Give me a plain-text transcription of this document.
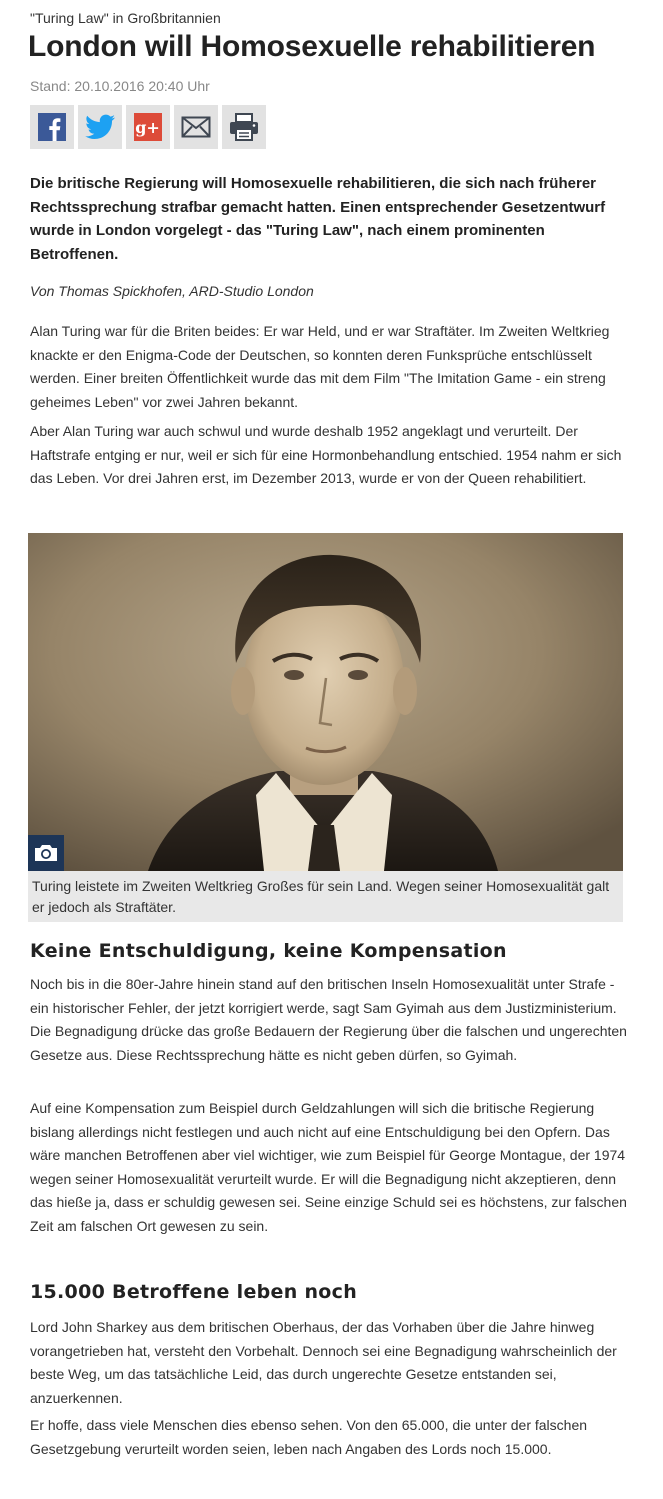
"Turing Law" in Großbritannien
London will Homosexuelle rehabilitieren
Stand: 20.10.2016 20:40 Uhr
g+
Die britische Regierung will Homosexuelle rehabilitieren, die sich nach früherer Rechtssprechung strafbar gemacht hatten. Einen entsprechender Gesetzentwurf wurde in London vorgelegt - das "Turing Law", nach einem prominenten Betroffenen.
Von Thomas Spickhofen, ARD-Studio London

Alan Turing war für die Briten beides: Er war Held, und er war Straftäter. Im Zweiten Weltkrieg knackte er den Enigma-Code der Deutschen, so konnten deren Funksprüche entschlüsselt werden. Einer breiten Öffentlichkeit wurde das mit dem Film "The Imitation Game - ein streng geheimes Leben" vor zwei Jahren bekannt.

Aber Alan Turing war auch schwul und wurde deshalb 1952 angeklagt und verurteilt. Der Haftstrafe entging er nur, weil er sich für eine Hormonbehandlung entschied. 1954 nahm er sich das Leben. Vor drei Jahren erst, im Dezember 2013, wurde er von der Queen rehabilitiert.

Turing leistete im Zweiten Weltkrieg Großes für sein Land. Wegen seiner Homosexualität galt er jedoch als Straftäter.
Keine Entschuldigung, keine Kompensation

Noch bis in die 80er-Jahre hinein stand auf den britischen Inseln Homosexualität unter Strafe - ein historischer Fehler, der jetzt korrigiert werde, sagt Sam Gyimah aus dem Justizministerium. Die Begnadigung drücke das große Bedauern der Regierung über die falschen und ungerechten Gesetze aus. Diese Rechtssprechung hätte es nicht geben dürfen, so Gyimah.

Auf eine Kompensation zum Beispiel durch Geldzahlungen will sich die britische Regierung bislang allerdings nicht festlegen und auch nicht auf eine Entschuldigung bei den Opfern. Das wäre manchen Betroffenen aber viel wichtiger, wie zum Beispiel für George Montague, der 1974 wegen seiner Homosexualität verurteilt wurde. Er will die Begnadigung nicht akzeptieren, denn das hieße ja, dass er schuldig gewesen sei. Seine einzige Schuld sei es höchstens, zur falschen Zeit am falschen Ort gewesen zu sein.

15.000 Betroffene leben noch

Lord John Sharkey aus dem britischen Oberhaus, der das Vorhaben über die Jahre hinweg vorangetrieben hat, versteht den Vorbehalt. Dennoch sei eine Begnadigung wahrscheinlich der beste Weg, um das tatsächliche Leid, das durch ungerechte Gesetze entstanden sei, anzuerkennen.

Er hoffe, dass viele Menschen dies ebenso sehen. Von den 65.000, die unter der falschen Gesetzgebung verurteilt worden seien, leben nach Angaben des Lords noch 15.000.
